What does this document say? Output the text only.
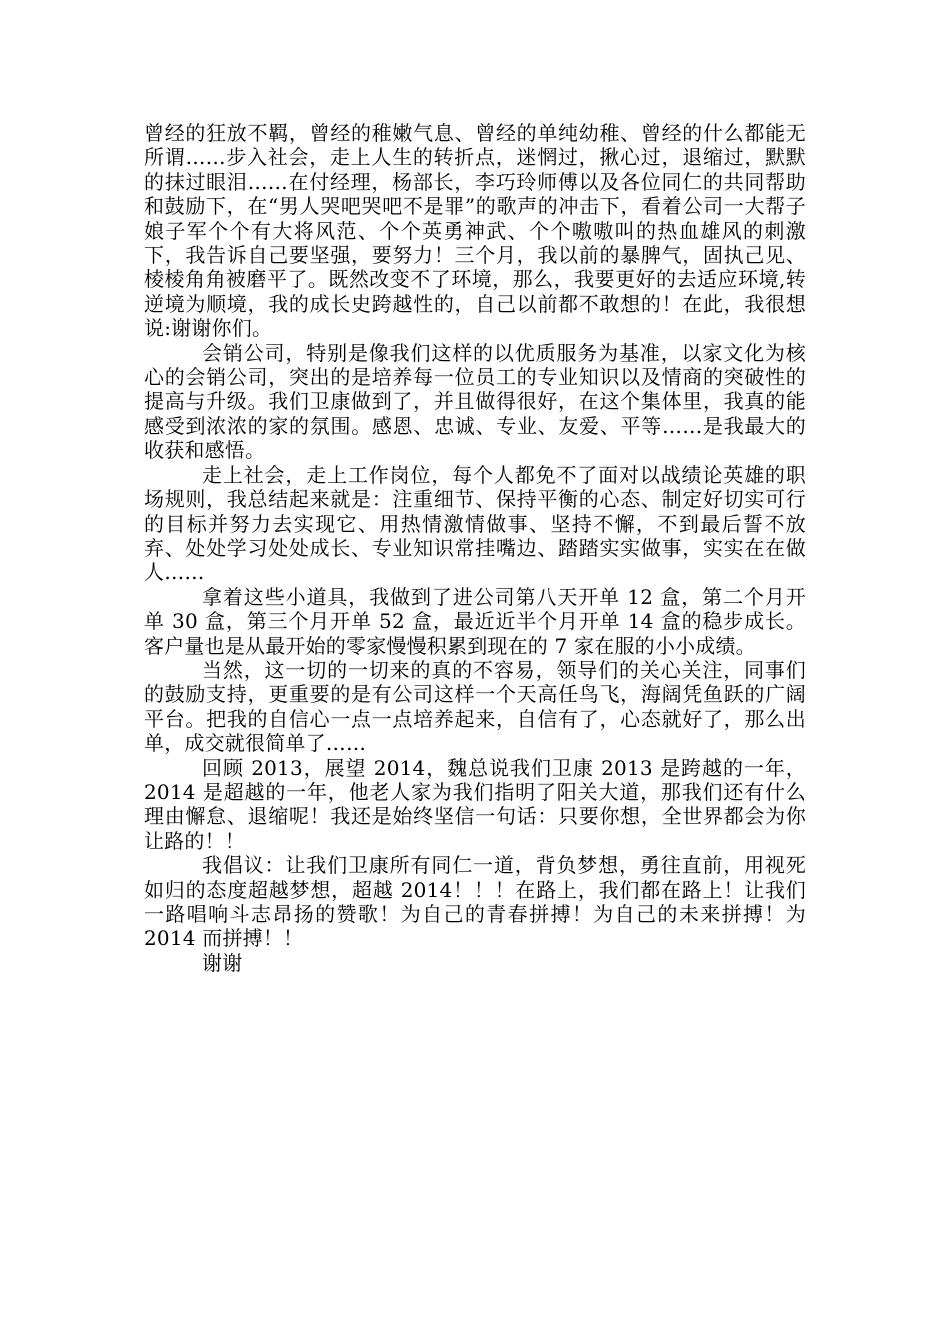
曾经的狂放不羁，曾经的稚嫩气息、曾经的单纯幼稚、曾经的什么都能无所谓……步入社会，走上人生的转折点，迷惘过，揪心过，退缩过，默默的抹过眼泪……在付经理，杨部长，李巧玲师傅以及各位同仁的共同帮助和鼓励下，在“男人哭吧哭吧不是罪”的歌声的冲击下，看着公司一大帮子娘子军个个有大将风范、个个英勇神武、个个嗷嗷叫的热血雄风的刺激下，我告诉自己要坚强，要努力！三个月，我以前的暴脾气，固执己见、棱棱角角被磨平了。既然改变不了环境，那么，我要更好的去适应环境,转逆境为顺境，我的成长史跨越性的，自己以前都不敢想的！在此，我很想说:谢谢你们。

会销公司，特别是像我们这样的以优质服务为基准，以家文化为核心的会销公司，突出的是培养每一位员工的专业知识以及情商的突破性的提高与升级。我们卫康做到了，并且做得很好，在这个集体里，我真的能感受到浓浓的家的氛围。感恩、忠诚、专业、友爱、平等……是我最大的收获和感悟。

走上社会，走上工作岗位，每个人都免不了面对以战绩论英雄的职场规则，我总结起来就是：注重细节、保持平衡的心态、制定好切实可行的目标并努力去实现它、用热情激情做事、坚持不懈，不到最后誓不放弃、处处学习处处成长、专业知识常挂嘴边、踏踏实实做事，实实在在做人……

拿着这些小道具，我做到了进公司第八天开单 12 盒，第二个月开单 30 盒，第三个月开单 52 盒，最近近半个月开单 14 盒的稳步成长。客户量也是从最开始的零家慢慢积累到现在的 7 家在服的小小成绩。

当然，这一切的一切来的真的不容易，领导们的关心关注，同事们的鼓励支持，更重要的是有公司这样一个天高任鸟飞，海阔凭鱼跃的广阔平台。把我的自信心一点一点培养起来，自信有了，心态就好了，那么出单，成交就很简单了……

回顾 2013，展望 2014，魏总说我们卫康 2013 是跨越的一年，2014 是超越的一年，他老人家为我们指明了阳关大道，那我们还有什么理由懈怠、退缩呢！我还是始终坚信一句话：只要你想，全世界都会为你让路的！！

我倡议：让我们卫康所有同仁一道，背负梦想，勇往直前，用视死如归的态度超越梦想，超越 2014！！！在路上，我们都在路上！让我们一路唱响斗志昂扬的赞歌！为自己的青春拼搏！为自己的未来拼搏！为 2014 而拼搏！！

谢谢
